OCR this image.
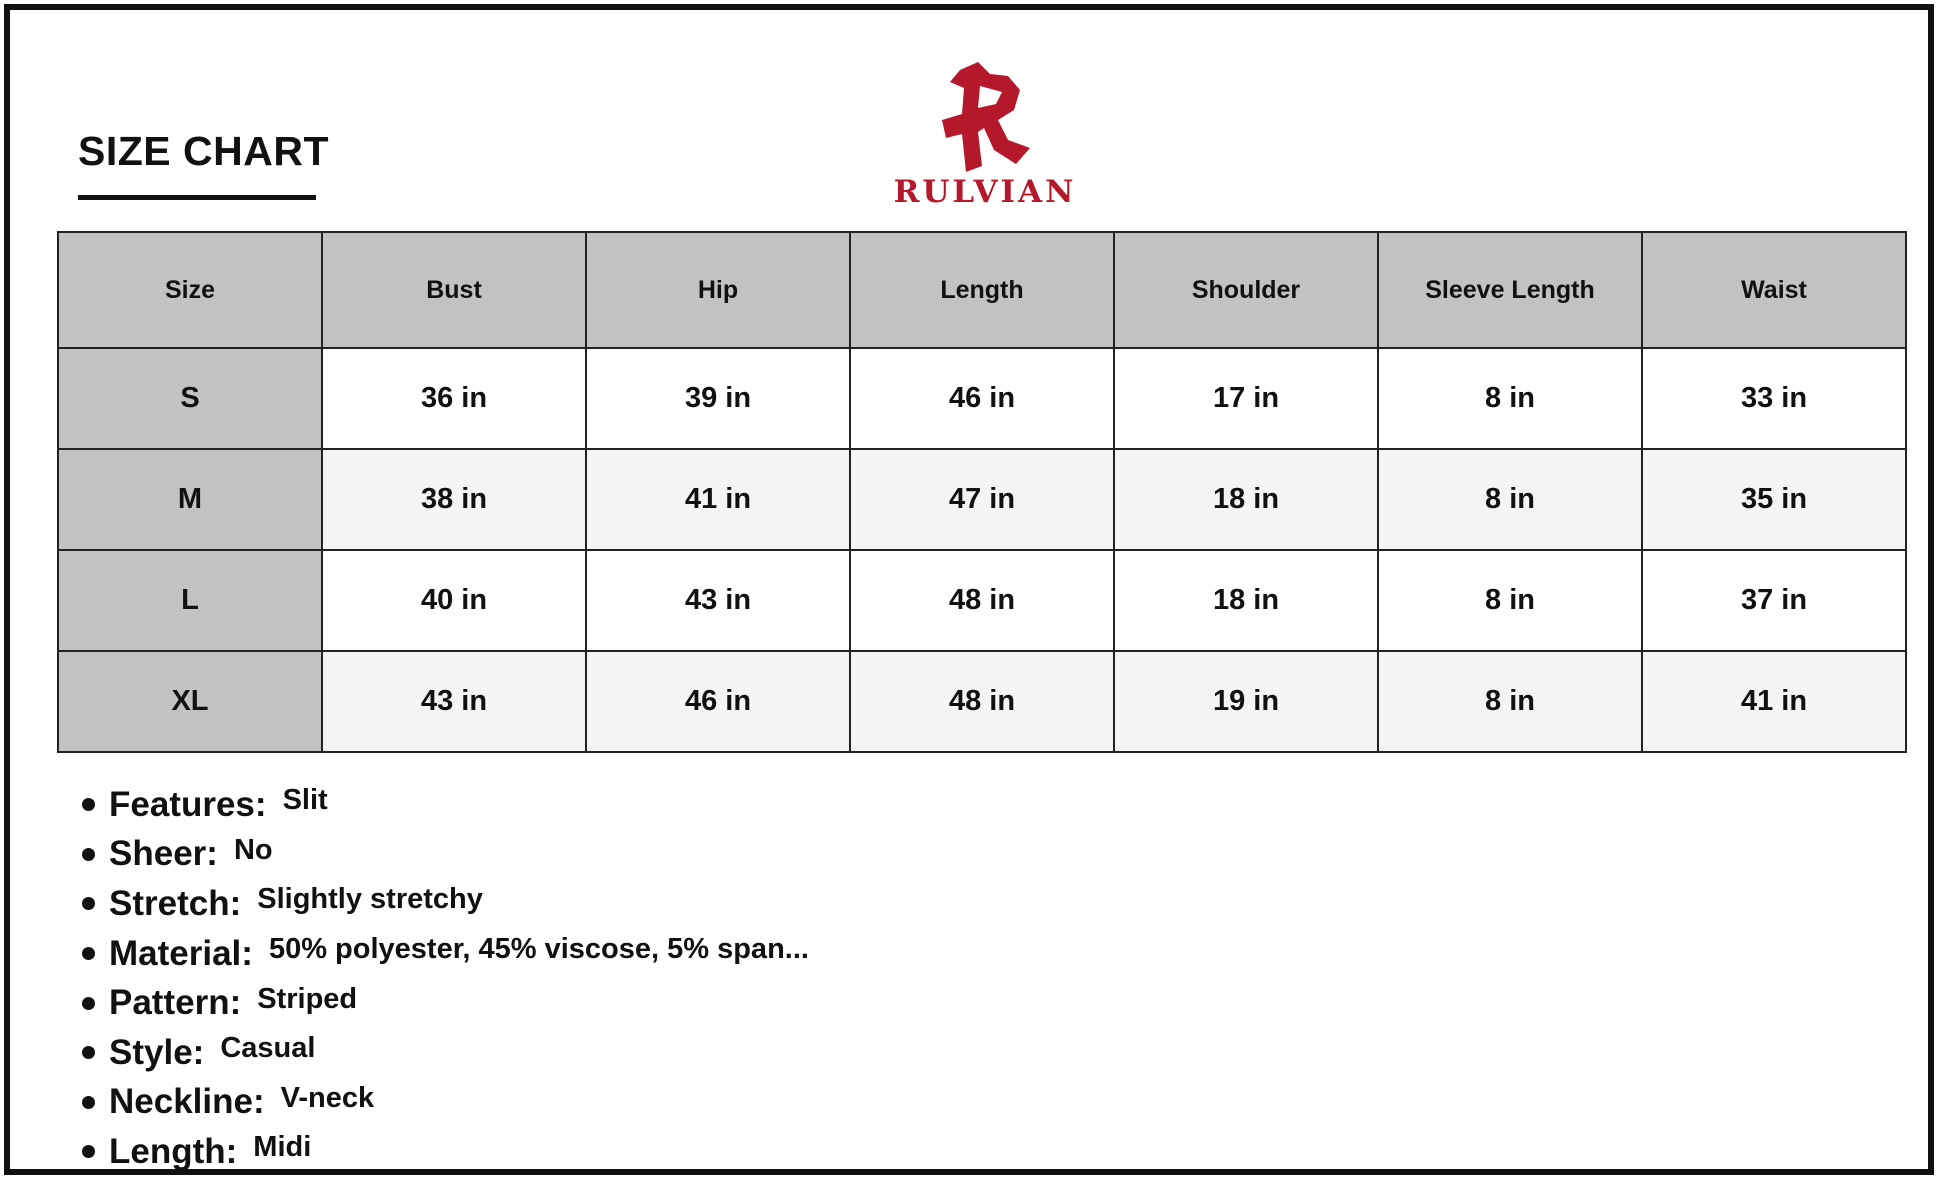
SIZE CHART
RULVIAN
Size	Bust	Hip	Length	Shoulder	Sleeve Length	Waist
S	36 in	39 in	46 in	17 in	8 in	33 in
M	38 in	41 in	47 in	18 in	8 in	35 in
L	40 in	43 in	48 in	18 in	8 in	37 in
XL	43 in	46 in	48 in	19 in	8 in	41 in
Features: Slit
Sheer: No
Stretch: Slightly stretchy
Material: 50% polyester, 45% viscose, 5% span...
Pattern: Striped
Style: Casual
Neckline: V-neck
Length: Midi
